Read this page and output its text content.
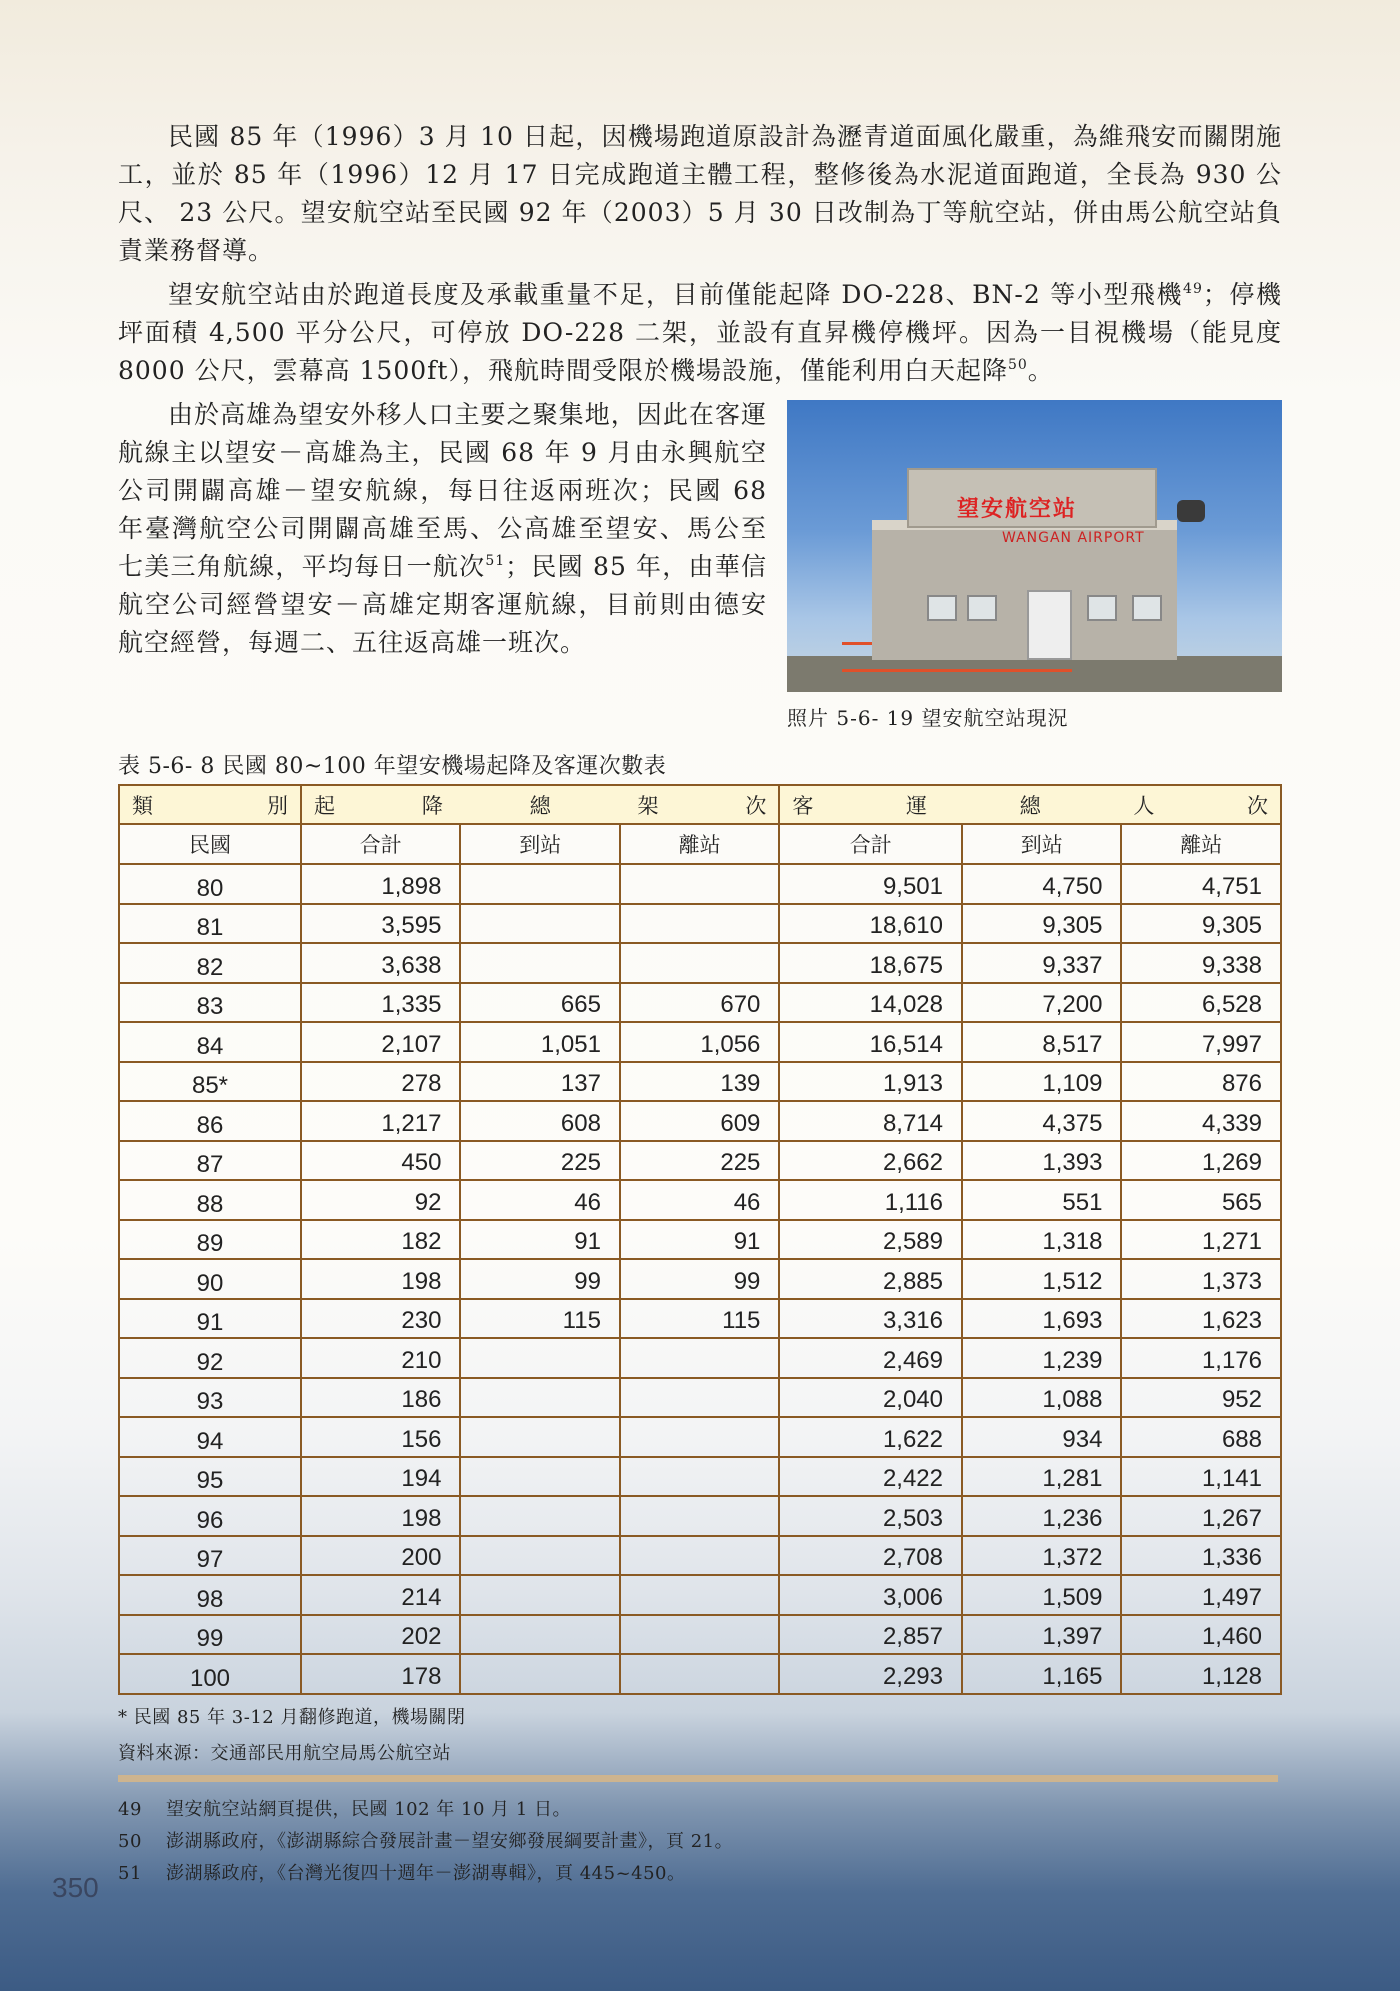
民國 85 年（1996）3 月 10 日起，因機場跑道原設計為瀝青道面風化嚴重，為維飛安而關閉施工，並於 85 年（1996）12 月 17 日完成跑道主體工程，整修後為水泥道面跑道，全長為 930 公尺、 23 公尺。望安航空站至民國 92 年（2003）5 月 30 日改制為丁等航空站，併由馬公航空站負責業務督導。

望安航空站由於跑道長度及承載重量不足，目前僅能起降 DO-228、BN-2 等小型飛機$^{49}$；停機坪面積 4,500 平分公尺，可停放 DO-228 二架，並設有直昇機停機坪。因為一目視機場（能見度 8000 公尺，雲幕高 1500ft），飛航時間受限於機場設施，僅能利用白天起降$^{50}$。

望安航空站
WANGAN AIRPORT
照片 5-6- 19 望安航空站現況

由於高雄為望安外移人口主要之聚集地，因此在客運航線主以望安－高雄為主，民國 68 年 9 月由永興航空公司開闢高雄－望安航線，每日往返兩班次；民國 68 年臺灣航空公司開闢高雄至馬、公高雄至望安、馬公至七美三角航線，平均每日一航次$^{51}$；民國 85 年，由華信航空公司經營望安－高雄定期客運航線，目前則由德安航空經營，每週二、五往返高雄一班次。

表 5-6- 8 民國 80~100 年望安機場起降及客運次數表
類 別	起 降 總 架 次			客 運 總 人 次		

民國	合計	到站	離站	合計	到站	離站
80	1,898			9,501	4,750	4,751
81	3,595			18,610	9,305	9,305
82	3,638			18,675	9,337	9,338
83	1,335	665	670	14,028	7,200	6,528
84	2,107	1,051	1,056	16,514	8,517	7,997
85*	278	137	139	1,913	1,109	876
86	1,217	608	609	8,714	4,375	4,339
87	450	225	225	2,662	1,393	1,269
88	92	46	46	1,116	551	565
89	182	91	91	2,589	1,318	1,271
90	198	99	99	2,885	1,512	1,373
91	230	115	115	3,316	1,693	1,623
92	210			2,469	1,239	1,176
93	186			2,040	1,088	952
94	156			1,622	934	688
95	194			2,422	1,281	1,141
96	198			2,503	1,236	1,267
97	200			2,708	1,372	1,336
98	214			3,006	1,509	1,497
99	202			2,857	1,397	1,460
100	178			2,293	1,165	1,128
* 民國 85 年 3-12 月翻修跑道，機場關閉
資料來源：交通部民用航空局馬公航空站
49 望安航空站網頁提供，民國 102 年 10 月 1 日。
50 澎湖縣政府，《澎湖縣綜合發展計畫－望安鄉發展綱要計畫》，頁 21。
51 澎湖縣政府，《台灣光復四十週年－澎湖專輯》，頁 445~450。
350
